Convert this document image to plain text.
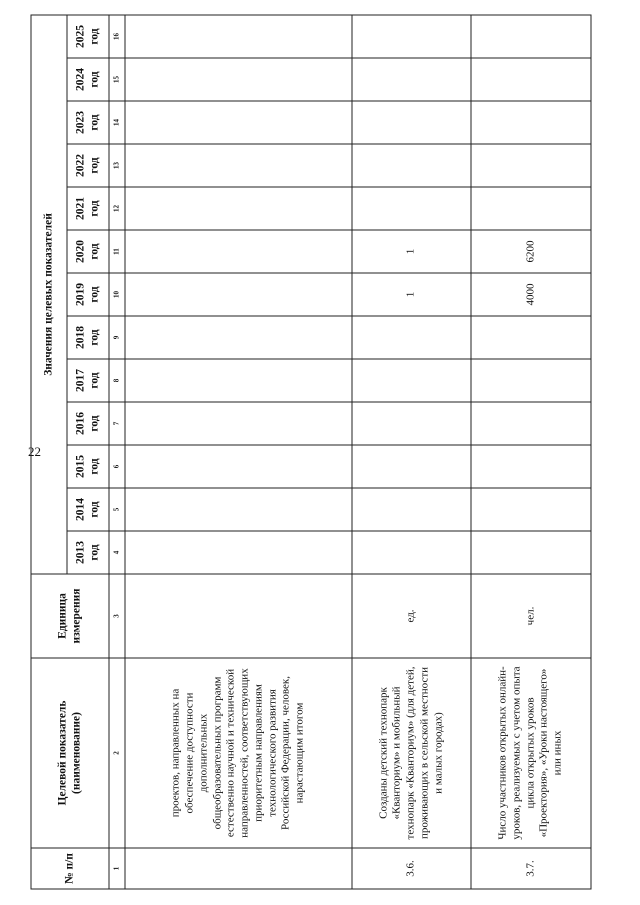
22
№ п/п	Целевой показатель (наименование)	Единица измерения	Значения целевых показателей												
			2013 год	2014 год	2015 год	2016 год	2017 год	2018 год	2019 год	2020 год	2021 год	2022 год	2023 год	2024 год	2025 год
1	2	3	4	5	6	7	8	9	10	11	12	13	14	15	16
	проектов, направленных на обеспечение доступности дополнительных общеобразовательных программ естественно научной и технической направленностей, соответствующих приоритетным направлениям технологического развития Российской Федерации, человек, нарастающим итогом														
3.6.	Созданы детский технопарк «Кванториум» и мобильный технопарк «Кванториум» (для детей, проживающих в сельской местности и малых городах)	ед.							1	1					
3.7.	Число участников открытых онлайн-уроков, реализуемых с учетом опыта цикла открытых уроков «Проектория», «Уроки настоящего» или иных	чел.							4000	6200					
